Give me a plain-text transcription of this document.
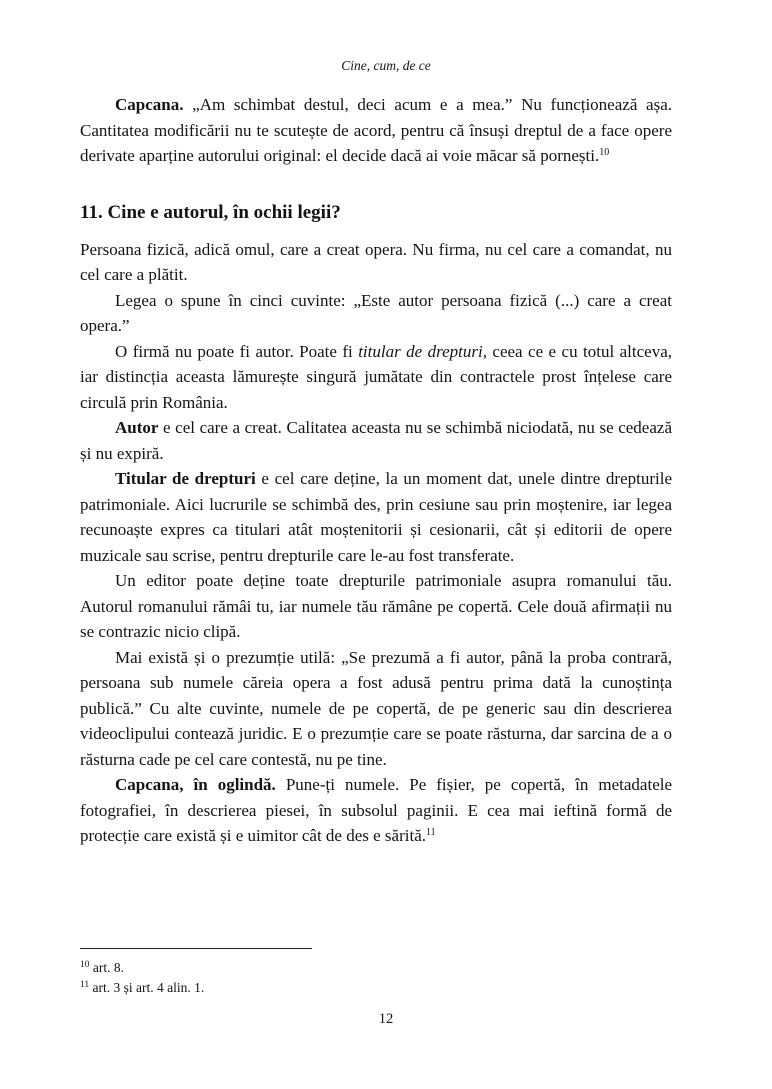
Cine, cum, de ce

Capcana. „Am schimbat destul, deci acum e a mea.” Nu funcționează așa. Cantitatea modificării nu te scutește de acord, pentru că însuși dreptul de a face opere derivate aparține autorului original: el decide dacă ai voie măcar să pornești.$^{10}$

11. Cine e autorul, în ochii legii?

Persoana fizică, adică omul, care a creat opera. Nu firma, nu cel care a comandat, nu cel care a plătit.

Legea o spune în cinci cuvinte: „Este autor persoana fizică (...) care a creat opera.”

O firmă nu poate fi autor. Poate fi titular de drepturi, ceea ce e cu totul altceva, iar distincția aceasta lămurește singură jumătate din contractele prost înțelese care circulă prin România.

Autor e cel care a creat. Calitatea aceasta nu se schimbă niciodată, nu se cedează și nu expiră.

Titular de drepturi e cel care deține, la un moment dat, unele dintre drepturile patrimoniale. Aici lucrurile se schimbă des, prin cesiune sau prin moștenire, iar legea recunoaște expres ca titulari atât moștenitorii și cesionarii, cât și editorii de opere muzicale sau scrise, pentru drepturile care le-au fost transferate.

Un editor poate deține toate drepturile patrimoniale asupra romanului tău. Autorul romanului rămâi tu, iar numele tău rămâne pe copertă. Cele două afirmații nu se contrazic nicio clipă.

Mai există și o prezumție utilă: „Se prezumă a fi autor, până la proba contrară, persoana sub numele căreia opera a fost adusă pentru prima dată la cunoștința publică.” Cu alte cuvinte, numele de pe copertă, de pe generic sau din descrierea videoclipului contează juridic. E o prezumție care se poate răsturna, dar sarcina de a o răsturna cade pe cel care contestă, nu pe tine.

Capcana, în oglindă. Pune-ți numele. Pe fișier, pe copertă, în metadatele fotografiei, în descrierea piesei, în subsolul paginii. E cea mai ieftină formă de protecție care există și e uimitor cât de des e sărită.$^{11}$

$^{10}$ art. 8.
$^{11}$ art. 3 și art. 4 alin. 1.
12
